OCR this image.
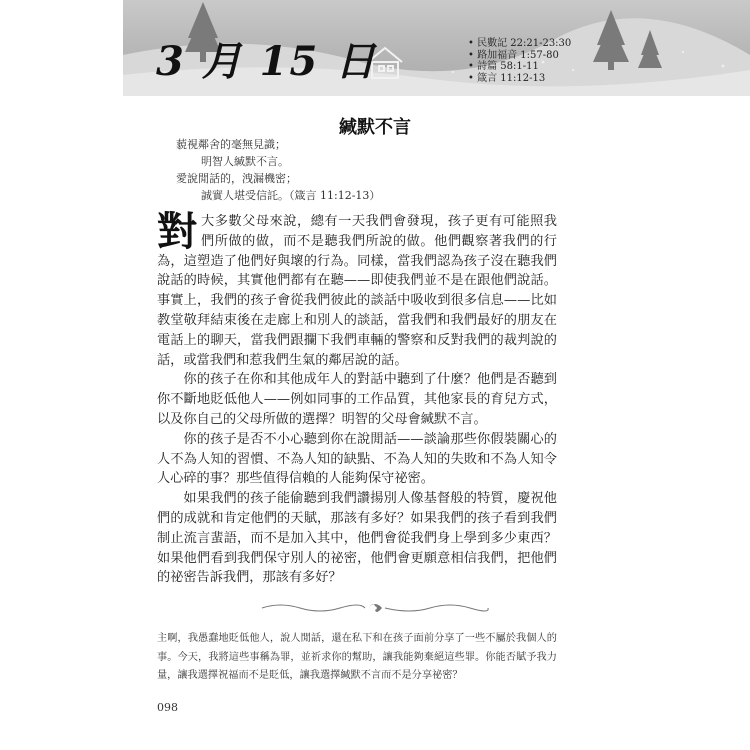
3 月 15 日	• 民數記 22:21-23:30
• 路加福音 1:57-80
• 詩篇 58:1-11
• 箴言 11:12-13
緘默不言
藐視鄰舍的毫無見識；
明智人緘默不言。
愛說閒話的，洩漏機密；
誠實人堪受信託。（箴言 11:12-13）

對大多數父母來說，總有一天我們會發現，孩子更有可能照我們所做的做，而不是聽我們所說的做。他們觀察著我們的行為，這塑造了他們好與壞的行為。同樣，當我們認為孩子沒在聽我們說話的時候，其實他們都有在聽——即使我們並不是在跟他們說話。事實上，我們的孩子會從我們彼此的談話中吸收到很多信息——比如教堂敬拜結束後在走廊上和別人的談話，當我們和我們最好的朋友在電話上的聊天，當我們跟攔下我們車輛的警察和反對我們的裁判說的話，或當我們和惹我們生氣的鄰居說的話。

你的孩子在你和其他成年人的對話中聽到了什麼？他們是否聽到你不斷地貶低他人——例如同事的工作品質，其他家長的育兒方式，以及你自己的父母所做的選擇？明智的父母會緘默不言。

你的孩子是否不小心聽到你在說閒話——談論那些你假裝關心的人不為人知的習慣、不為人知的缺點、不為人知的失敗和不為人知令人心碎的事？那些值得信賴的人能夠保守祕密。

如果我們的孩子能偷聽到我們讚揚別人像基督般的特質，慶祝他們的成就和肯定他們的天賦，那該有多好？如果我們的孩子看到我們制止流言蜚語，而不是加入其中，他們會從我們身上學到多少東西？如果他們看到我們保守別人的祕密，他們會更願意相信我們，把他們的祕密告訴我們，那該有多好？

主啊，我愚蠢地貶低他人，說人閒話，還在私下和在孩子面前分享了一些不屬於我個人的事。今天，我將這些事稱為罪，並祈求你的幫助，讓我能夠棄絕這些罪。你能否賦予我力量，讓我選擇祝福而不是貶低，讓我選擇緘默不言而不是分享祕密？
098
